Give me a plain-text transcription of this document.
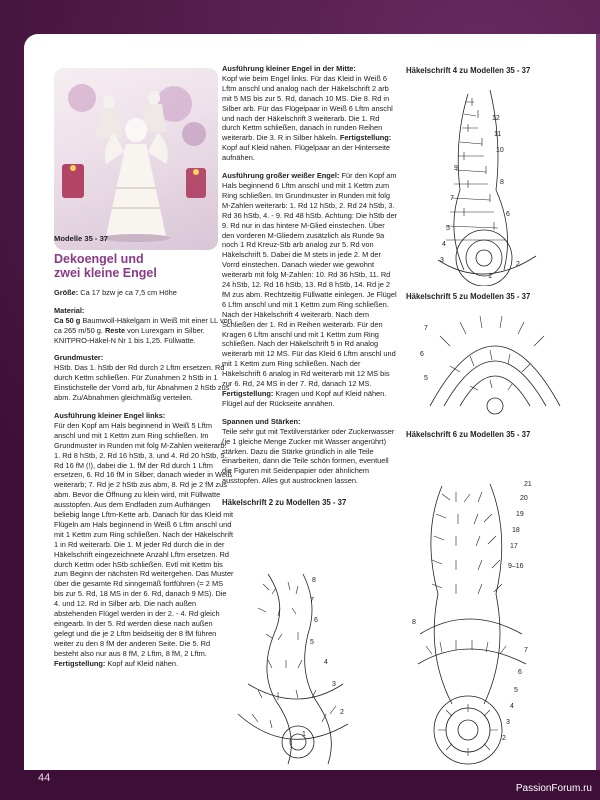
Modelle 35 - 37
Dekoengel und
zwei kleine Engel
Größe: Ca 17 bzw je ca 7,5 cm Höhe
Material:
Ca 50 g Baumwoll-Häkelgarn in Weiß mit einer LL von ca 265 m/50 g. Reste von Lurexgarn in Silber. KNITPRO-Häkel-N Nr 1 bis 1,25. Füllwatte.
Grundmuster:
HStb. Das 1. hStb der Rd durch 2 Lftm ersetzen. Rd durch Kettm schließen. Für Zunahmen 2 hStb in 1 Einstichstelle der Vorrd arb, für Abnahmen 2 hStb zus abm. Zu/Abnahmen gleichmäßig verteilen.
Ausführung kleiner Engel links:
Für den Kopf am Hals beginnend in Weiß 5 Lftm anschl und mit 1 Kettm zum Ring schließen. Im Grundmuster in Runden mit folg M-Zahlen weiterarb: 1. Rd 8 hStb, 2. Rd 16 hStb, 3. und 4. Rd 20 hStb, 5. Rd 16 fM (!), dabei die 1. fM der Rd durch 1 Lftm ersetzen, 6. Rd 16 fM in Silber, danach wieder in Weiß weiterarb; 7. Rd je 2 hStb zus abm, 8. Rd je 2 fM zus abm. Bevor die Öffnung zu klein wird, mit Füllwatte ausstopfen. Aus dem Endfaden zum Aufhängen beliebig lange Lftm-Kette arb. Danach für das Kleid mit Flügeln am Hals beginnend in Weiß 6 Lftm anschl und mit 1 Kettm zum Ring schließen. Nach der Häkelschrift 1 in Rd weiterarb. Die 1. M jeder Rd durch die in der Häkelschrift eingezeichnete Anzahl Lftm ersetzen. Rd durch Kettm oder hStb schließen. Evtl mit Kettm bis zum Beginn der nächsten Rd weitergehen. Das Muster über die gesamte Rd sinngemäß fortführen (= 2 MS bis zur 5. Rd, 18 MS in der 6. Rd, danach 9 MS). Die 4. und 12. Rd in Silber arb. Die nach außen abstehenden Flügel werden in der 2. - 4. Rd gleich eingearb. In der 5. Rd werden diese nach außen gelegt und die je 2 Lftm beidseitig der 8 fM führen weiter zu den 8 fM der anderen Seite. Die 5. Rd besteht also nur aus 8 fM, 2 Lftm, 8 fM, 2 Lftm.
Fertigstellung: Kopf auf Kleid nähen.
Ausführung kleiner Engel in der Mitte:
Kopf wie beim Engel links. Für das Kleid in Weiß 6 Lftm anschl und analog nach der Häkelschrift 2 arb mit 5 MS bis zur 5. Rd, danach 10 MS. Die 8. Rd in Silber arb. Für das Flügelpaar in Weiß 6 Lftm anschl und nach der Häkelschrift 3 weiterarb. Die 1. Rd durch Kettm schließen, danach in runden Reihen weiterarb. Die 3. R in Silber häkeln. Fertigstellung: Kopf auf Kleid nähen. Flügelpaar an der Hinterseite aufnähen.
Ausführung großer weißer Engel: Für den Kopf am Hals beginnend 6 Lftm anschl und mit 1 Kettm zum Ring schließen. Im Grundmuster in Runden mit folg M-Zahlen weiterarb: 1. Rd 12 hStb, 2. Rd 24 hStb, 3. Rd 36 hStb, 4. - 9. Rd 48 hStb. Achtung: Die hStb der 9. Rd nur in das hintere M-Glied einstechen. Über den vorderen M-Gliedern zusätzlich als Runde 9a noch 1 Rd Kreuz-Stb arb analog zur 5. Rd von Häkelschrift 5. Dabei die M stets in jede 2. M der Vorrd einstechen. Danach wieder wie gewohnt weiterarb mit folg M-Zahlen: 10. Rd 36 hStb, 11. Rd 24 hStb, 12. Rd 16 hStb, 13. Rd 8 hStb, 14. Rd je 2 fM zus abm. Rechtzeitig Füllwatte einlegen. Je Flügel 6 Lftm anschl und mit 1 Kettm zum Ring schließen. Nach der Häkelschrift 4 weiterarb. Nach dem Schließen der 1. Rd in Reihen weiterarb. Für den Kragen 6 Lftm anschl und mit 1 Kettm zum Ring schließen. Nach der Häkelschrift 5 in Rd analog weiterarb mit 12 MS. Für das Kleid 6 Lftm anschl und mit 1 Kettm zum Ring schließen. Nach der Häkelschrift 6 analog in Rd weiterarb mit 12 MS bis zur 6. Rd, 24 MS in der 7. Rd, danach 12 MS.
Fertigstellung: Kragen und Kopf auf Kleid nähen. Flügel auf der Rückseite annähen.
Spannen und Stärken:
Teile sehr gut mit Textilverstärker oder Zuckerwasser (je 1 gleiche Menge Zucker mit Wasser angerührt) stärken. Dazu die Stärke gründlich in alle Teile einarbeiten, dann die Teile schön formen, eventuell die Figuren mit Seidenpapier oder ähnlichem ausstopfen. Alles gut austrocknen lassen.
Häkelschrift 2 zu Modellen 35 - 37
8
7
6
5
4
3
2
1
Häkelschrift 4 zu Modellen 35 - 37
Häkelschrift 5 zu Modellen 35 - 37
Häkelschrift 6 zu Modellen 35 - 37
12
11
10
9
8
7
6
5
4
3
2
1
7
6
5
21
20
19
18
17
9–16
8
7
6
5
4
3
2
44
PassionForum.ru
